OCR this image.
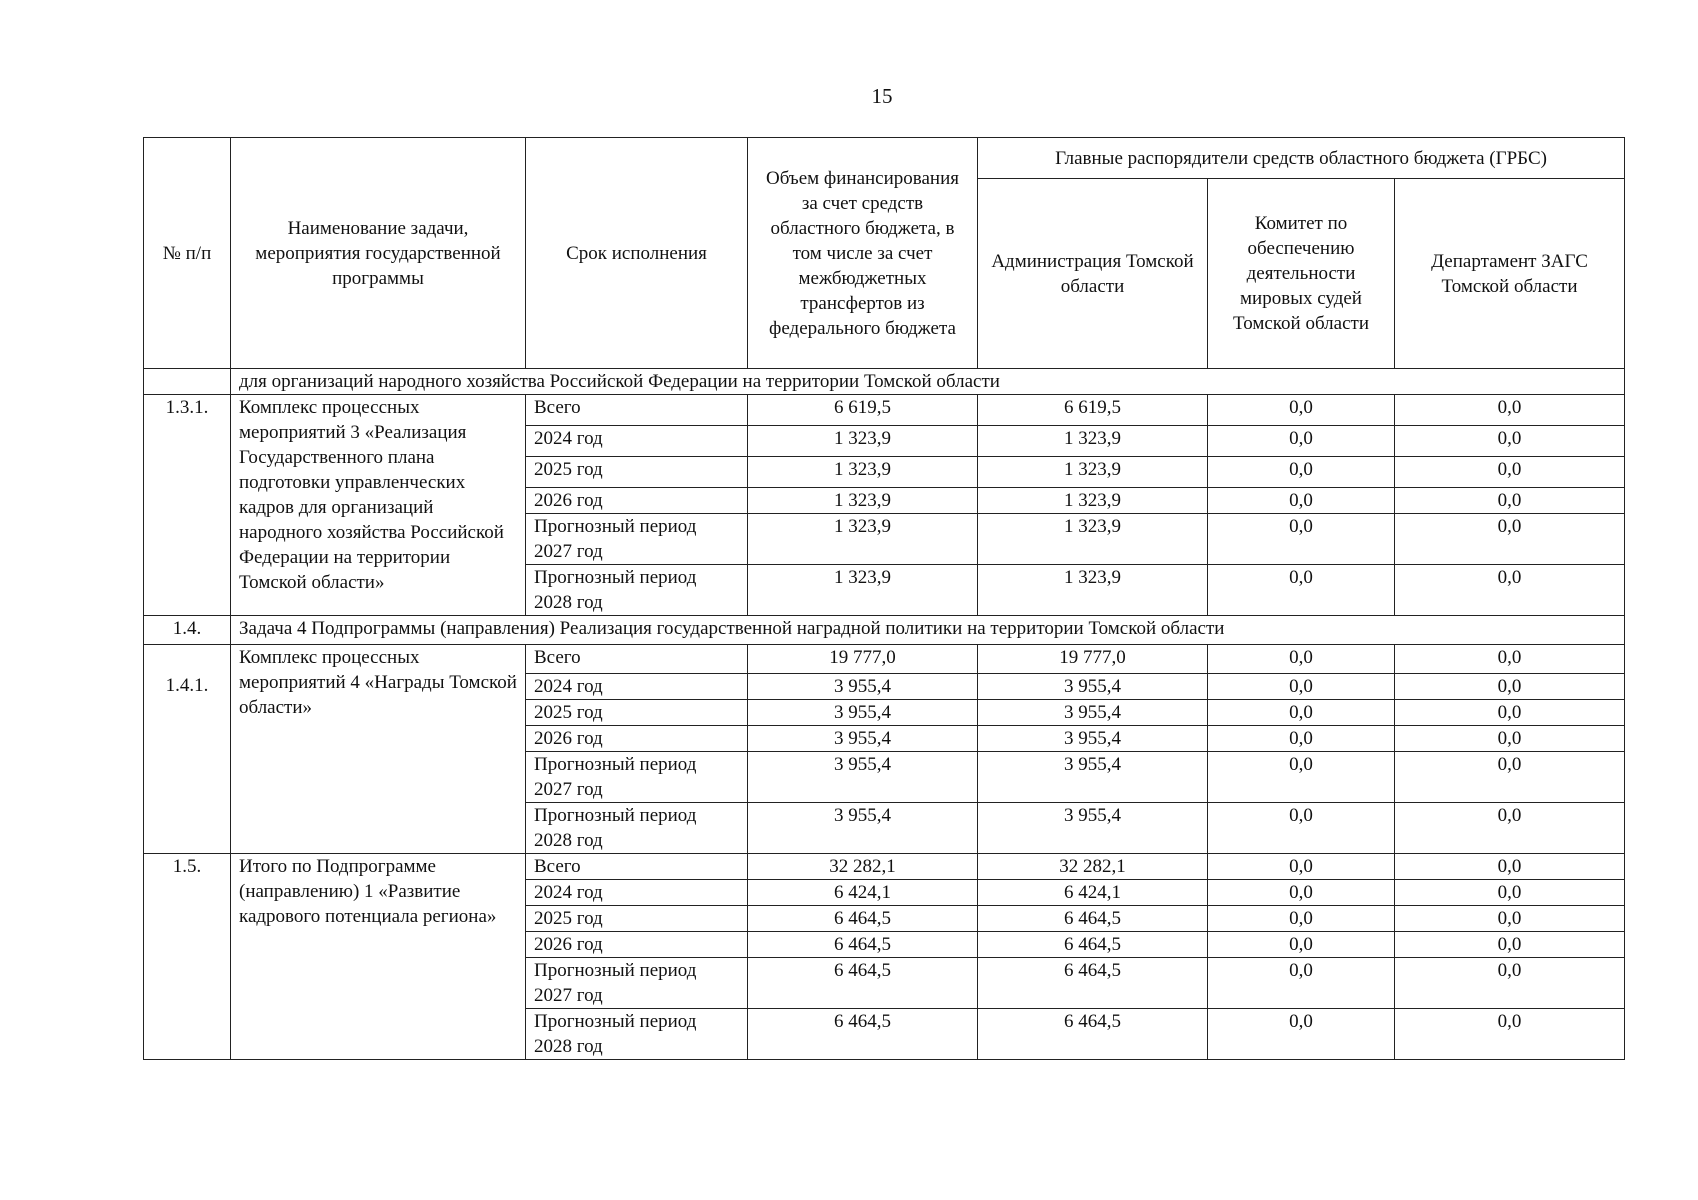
15
№ п/п	Наименование задачи, мероприятия государственной программы	Срок исполнения	Объем финансирования за счет средств областного бюджета, в том числе за счет межбюджетных трансфертов из федерального бюджета	Главные распорядители средств областного бюджета (ГРБС)		
				Администрация Томской области	Комитет по обеспечению деятельности мировых судей Томской области	Департамент ЗАГС Томской области
	для организаций народного хозяйства Российской Федерации на территории Томской области					
1.3.1.	Комплекс процессных мероприятий 3 «Реализация Государственного плана подготовки управленческих кадров для организаций народного хозяйства Российской Федерации на территории Томской области»	Всего	6 619,5	6 619,5	0,0	0,0
		2024 год	1 323,9	1 323,9	0,0	0,0
		2025 год	1 323,9	1 323,9	0,0	0,0
		2026 год	1 323,9	1 323,9	0,0	0,0
		Прогнозный период 2027 год	1 323,9	1 323,9	0,0	0,0
		Прогнозный период 2028 год	1 323,9	1 323,9	0,0	0,0
1.4.	Задача 4 Подпрограммы (направления) Реализация государственной наградной политики на территории Томской области					
1.4.1.	Комплекс процессных мероприятий 4 «Награды Томской области»	Всего	19 777,0	19 777,0	0,0	0,0
		2024 год	3 955,4	3 955,4	0,0	0,0
		2025 год	3 955,4	3 955,4	0,0	0,0
		2026 год	3 955,4	3 955,4	0,0	0,0
		Прогнозный период 2027 год	3 955,4	3 955,4	0,0	0,0
		Прогнозный период 2028 год	3 955,4	3 955,4	0,0	0,0
1.5.	Итого по Подпрограмме (направлению) 1 «Развитие кадрового потенциала региона»	Всего	32 282,1	32 282,1	0,0	0,0
		2024 год	6 424,1	6 424,1	0,0	0,0
		2025 год	6 464,5	6 464,5	0,0	0,0
		2026 год	6 464,5	6 464,5	0,0	0,0
		Прогнозный период 2027 год	6 464,5	6 464,5	0,0	0,0
		Прогнозный период 2028 год	6 464,5	6 464,5	0,0	0,0
